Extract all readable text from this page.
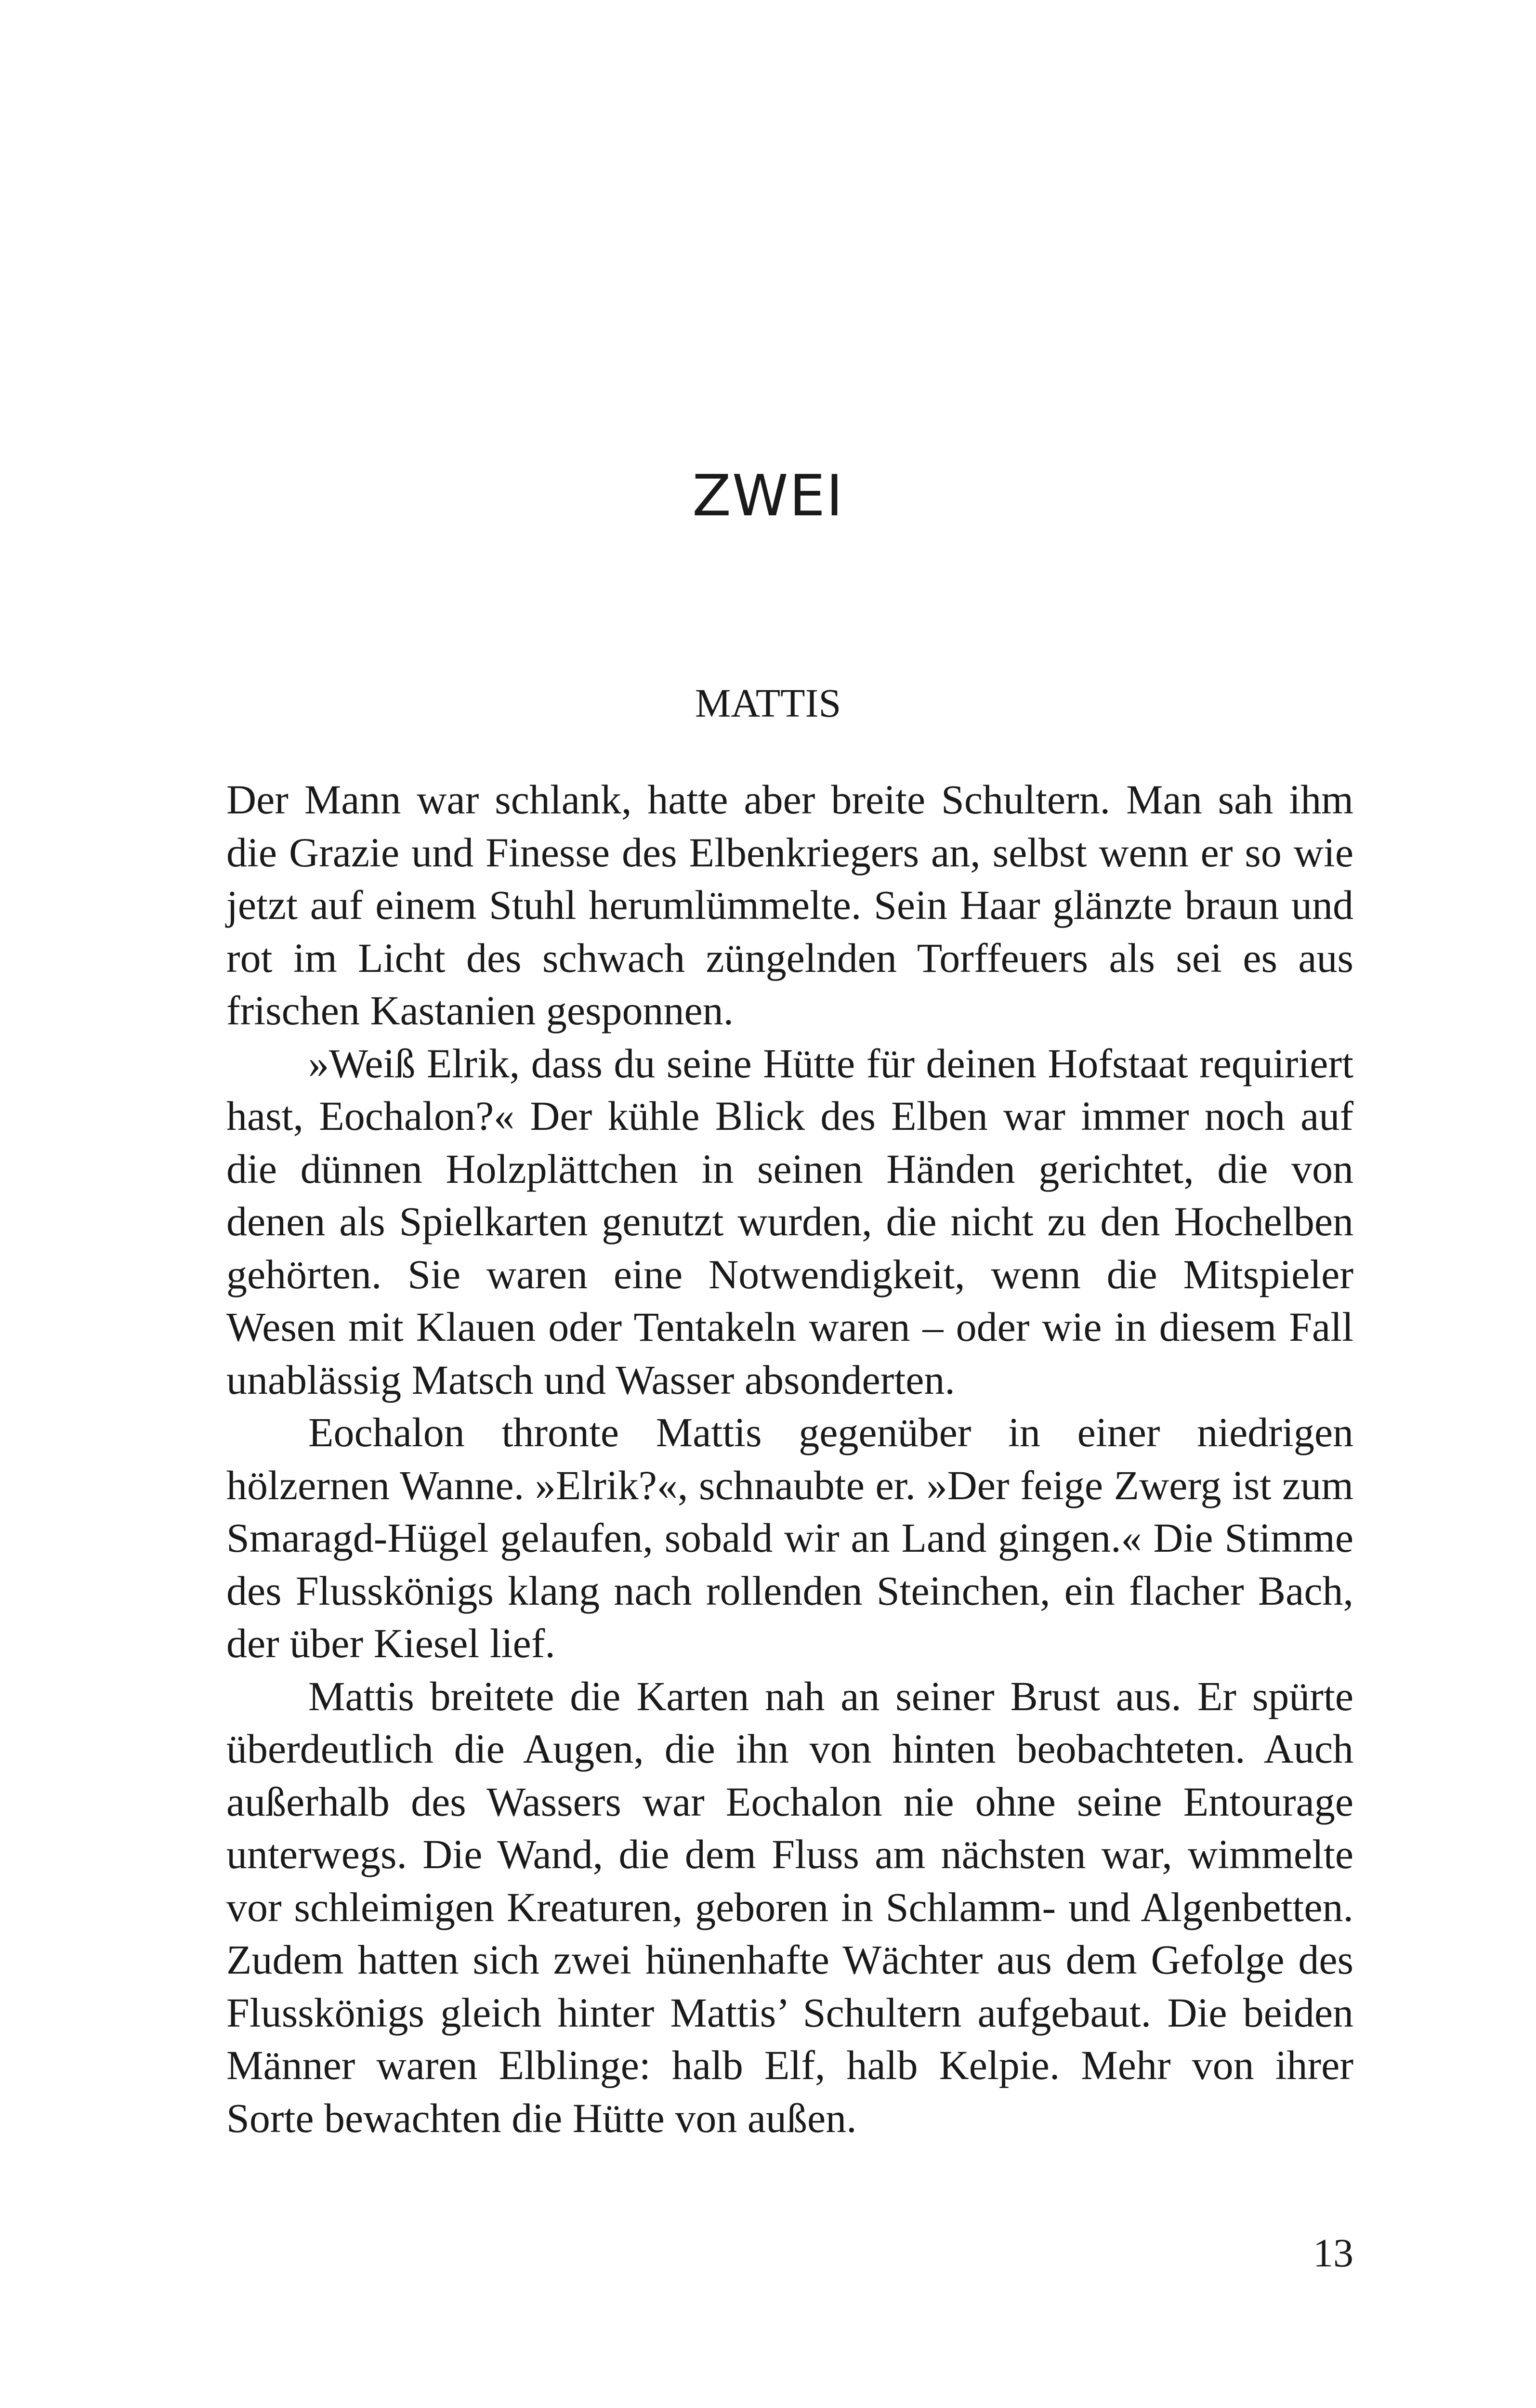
ZWEI
MATTIS

Der Mann war schlank, hatte aber breite Schultern. Man sah ihm die Grazie und Finesse des Elbenkriegers an, selbst wenn er so wie jetzt auf einem Stuhl herumlümmelte. Sein Haar glänzte braun und rot im Licht des schwach züngelnden Torffeuers als sei es aus frischen Kastanien gesponnen.

»Weiß Elrik, dass du seine Hütte für deinen Hofstaat requiriert hast, Eochalon?« Der kühle Blick des Elben war immer noch auf die dünnen Holzplättchen in seinen Händen gerichtet, die von denen als Spielkarten genutzt wurden, die nicht zu den Hochelben gehörten. Sie waren eine Notwendigkeit, wenn die Mitspieler Wesen mit Klauen oder Tentakeln waren – oder wie in diesem Fall unablässig Matsch und Wasser absonderten.

Eochalon thronte Mattis gegenüber in einer niedrigen hölzernen Wanne. »Elrik?«, schnaubte er. »Der feige Zwerg ist zum Smaragd-Hügel gelaufen, sobald wir an Land gingen.« Die Stimme des Flusskönigs klang nach rollenden Steinchen, ein flacher Bach, der über Kiesel lief.

Mattis breitete die Karten nah an seiner Brust aus. Er spürte überdeutlich die Augen, die ihn von hinten beobachteten. Auch außerhalb des Wassers war Eochalon nie ohne seine Entourage unterwegs. Die Wand, die dem Fluss am nächsten war, wimmelte vor schleimigen Kreaturen, geboren in Schlamm- und Algenbetten. Zudem hatten sich zwei hünenhafte Wächter aus dem Gefolge des Flusskönigs gleich hinter Mattis’ Schultern aufgebaut. Die beiden Männer waren Elblinge: halb Elf, halb Kelpie. Mehr von ihrer Sorte bewachten die Hütte von außen.

13
